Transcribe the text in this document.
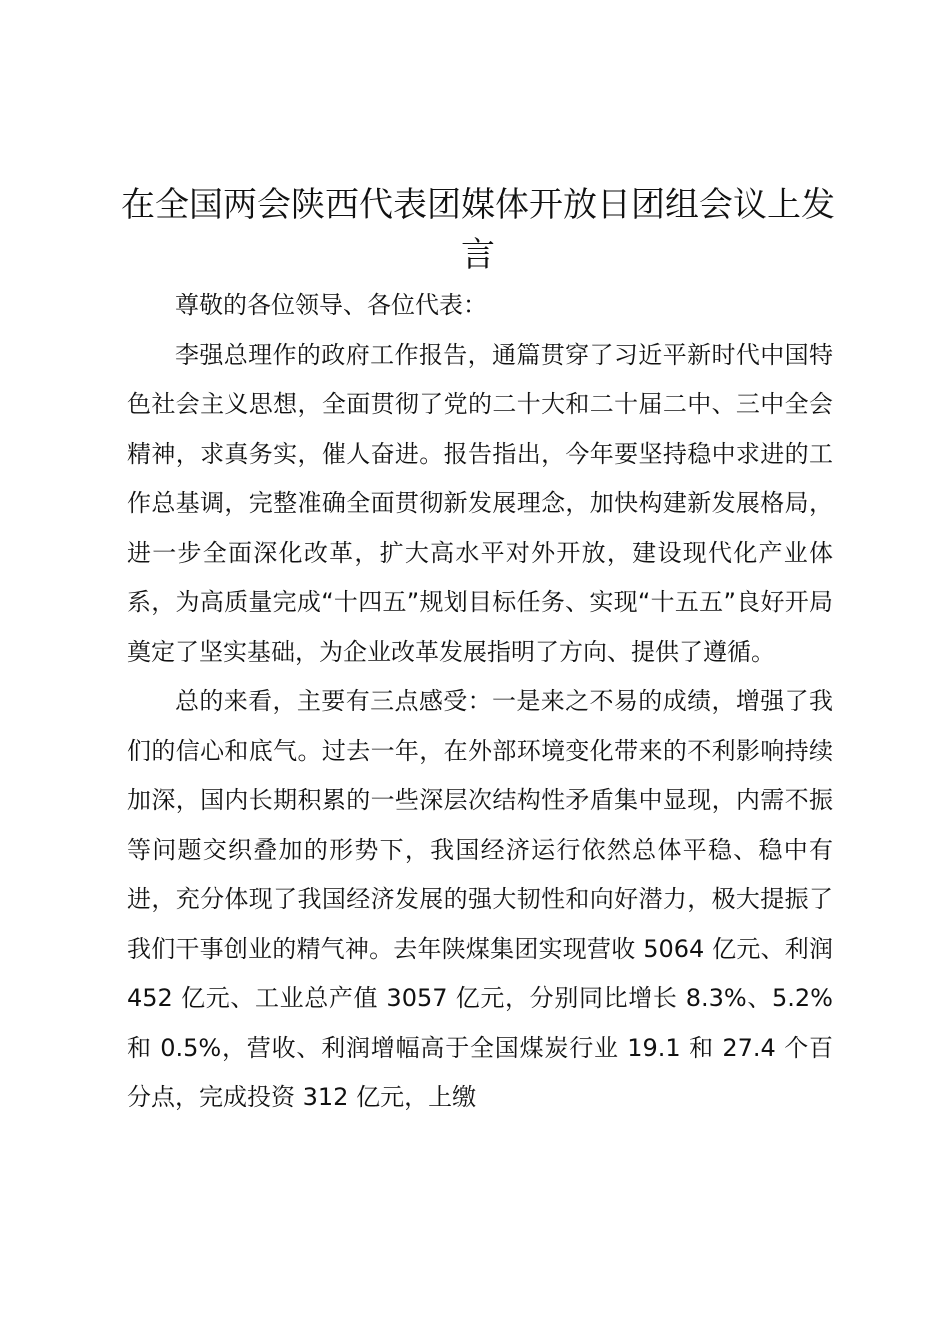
在全国两会陕西代表团媒体开放日团组会议上发言

尊敬的各位领导、各位代表：

李强总理作的政府工作报告，通篇贯穿了习近平新时代中国特色社会主义思想，全面贯彻了党的二十大和二十届二中、三中全会精神，求真务实，催人奋进。报告指出，今年要坚持稳中求进的工作总基调，完整准确全面贯彻新发展理念，加快构建新发展格局，进一步全面深化改革，扩大高水平对外开放，建设现代化产业体系，为高质量完成“十四五”规划目标任务、实现“十五五”良好开局奠定了坚实基础，为企业改革发展指明了方向、提供了遵循。

总的来看，主要有三点感受：一是来之不易的成绩，增强了我们的信心和底气。过去一年，在外部环境变化带来的不利影响持续加深，国内长期积累的一些深层次结构性矛盾集中显现，内需不振等问题交织叠加的形势下，我国经济运行依然总体平稳、稳中有进，充分体现了我国经济发展的强大韧性和向好潜力，极大提振了我们干事创业的精气神。去年陕煤集团实现营收 5064 亿元、利润 452 亿元、工业总产值 3057 亿元，分别同比增长 8.3%、5.2%和 0.5%，营收、利润增幅高于全国煤炭行业 19.1 和 27.4 个百分点，完成投资 312 亿元，上缴
